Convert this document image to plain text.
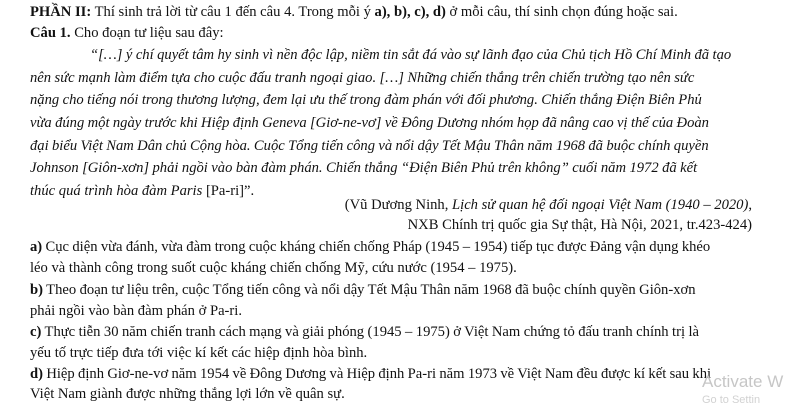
PHẦN II: Thí sinh trả lời từ câu 1 đến câu 4. Trong mỗi ý a), b), c), d) ở mỗi câu, thí sinh chọn đúng hoặc sai.
Câu 1. Cho đoạn tư liệu sau đây:
“[…] ý chí quyết tâm hy sinh vì nền độc lập, niềm tin sắt đá vào sự lãnh đạo của Chủ tịch Hồ Chí Minh đã tạo
nên sức mạnh làm điểm tựa cho cuộc đấu tranh ngoại giao. […] Những chiến thắng trên chiến trường tạo nên sức
nặng cho tiếng nói trong thương lượng, đem lại ưu thế trong đàm phán với đối phương. Chiến thắng Điện Biên Phủ
vừa đúng một ngày trước khi Hiệp định Geneva [Giơ-ne-vơ] về Đông Dương nhóm họp đã nâng cao vị thế của Đoàn
đại biểu Việt Nam Dân chủ Cộng hòa. Cuộc Tổng tiến công và nổi dậy Tết Mậu Thân năm 1968 đã buộc chính quyền
Johnson [Giôn-xơn] phải ngồi vào bàn đàm phán. Chiến thắng “Điện Biên Phủ trên không” cuối năm 1972 đã kết
thúc quá trình hòa đàm Paris [Pa-ri]”.
(Vũ Dương Ninh, Lịch sử quan hệ đối ngoại Việt Nam (1940 – 2020),
NXB Chính trị quốc gia Sự thật, Hà Nội, 2021, tr.423-424)
a) Cục diện vừa đánh, vừa đàm trong cuộc kháng chiến chống Pháp (1945 – 1954) tiếp tục được Đảng vận dụng khéo
léo và thành công trong suốt cuộc kháng chiến chống Mỹ, cứu nước (1954 – 1975).
b) Theo đoạn tư liệu trên, cuộc Tổng tiến công và nổi dậy Tết Mậu Thân năm 1968 đã buộc chính quyền Giôn-xơn
phải ngồi vào bàn đàm phán ở Pa-ri.
c) Thực tiễn 30 năm chiến tranh cách mạng và giải phóng (1945 – 1975) ở Việt Nam chứng tỏ đấu tranh chính trị là
yếu tố trực tiếp đưa tới việc kí kết các hiệp định hòa bình.
d) Hiệp định Giơ-ne-vơ năm 1954 về Đông Dương và Hiệp định Pa-ri năm 1973 về Việt Nam đều được kí kết sau khi
Việt Nam giành được những thắng lợi lớn về quân sự.
Activate W
Go to Settin
